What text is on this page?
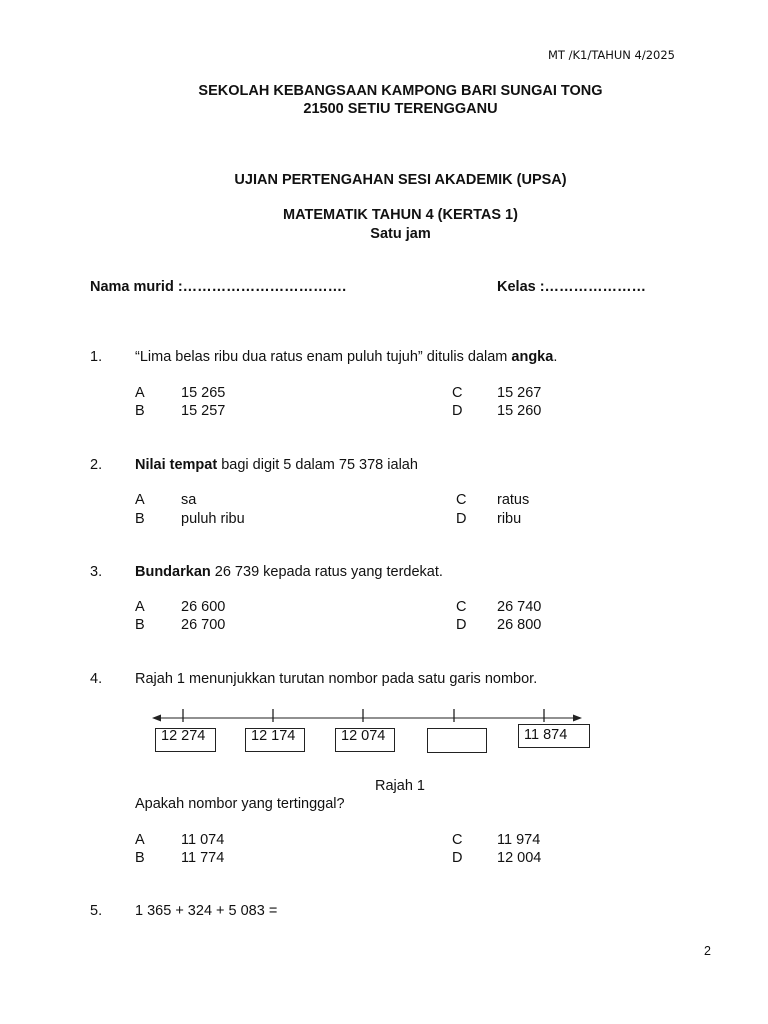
MT /K1/TAHUN 4/2025
SEKOLAH KEBANGSAAN KAMPONG BARI SUNGAI TONG
21500 SETIU TERENGGANU
UJIAN PERTENGAHAN SESI AKADEMIK (UPSA)
MATEMATIK TAHUN 4 (KERTAS 1)
Satu jam
Nama murid :…………………………….	Kelas :…………………
1. “Lima belas ribu dua ratus enam puluh tujuh” ditulis dalam angka.
A	15 265
B	15 257
C 15 267
D 15 260
2. Nilai tempat bagi digit 5 dalam 75 378 ialah
A	sa
B	puluh ribu
C ratus
D ribu
3. Bundarkan 26 739 kepada ratus yang terdekat.
A	26 600
B	26 700
C 26 740
D 26 800
4. Rajah 1 menunjukkan turutan nombor pada satu garis nombor.
12 274	12 174	12 074	11 874
Rajah 1
Apakah nombor yang tertinggal?
A	11 074
B	11 774
C 11 974
D 12 004
5. 1 365 + 324 + 5 083 =
2
